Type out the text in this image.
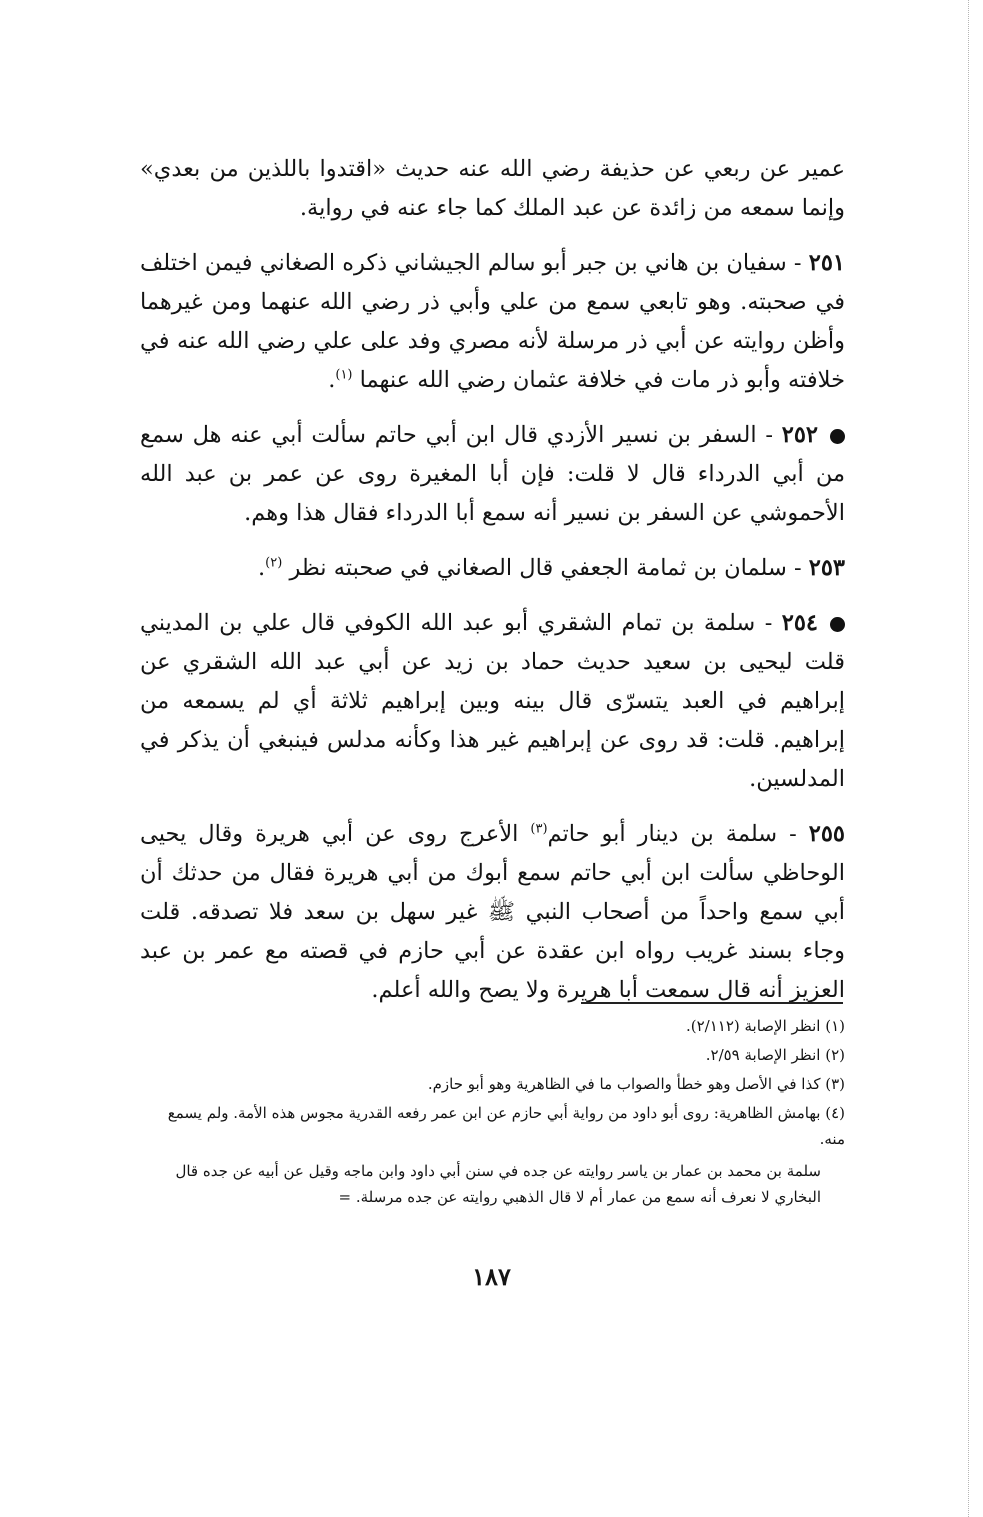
عمير عن ربعي عن حذيفة رضي الله عنه حديث «اقتدوا باللذين من بعدي» وإنما سمعه من زائدة عن عبد الملك كما جاء عنه في رواية.

٢٥١ - سفيان بن هاني بن جبر أبو سالم الجيشاني ذكره الصغاني فيمن اختلف في صحبته. وهو تابعي سمع من علي وأبي ذر رضي الله عنهما ومن غيرهما وأظن روايته عن أبي ذر مرسلة لأنه مصري وفد على علي رضي الله عنه في خلافته وأبو ذر مات في خلافة عثمان رضي الله عنهما $^{(١)}$.

٢٥٢ - السفر بن نسير الأزدي قال ابن أبي حاتم سألت أبي عنه هل سمع من أبي الدرداء قال لا قلت: فإن أبا المغيرة روى عن عمر بن عبد الله الأحموشي عن السفر بن نسير أنه سمع أبا الدرداء فقال هذا وهم.

٢٥٣ - سلمان بن ثمامة الجعفي قال الصغاني في صحبته نظر $^{(٢)}$.

٢٥٤ - سلمة بن تمام الشقري أبو عبد الله الكوفي قال علي بن المديني قلت ليحيى بن سعيد حديث حماد بن زيد عن أبي عبد الله الشقري عن إبراهيم في العبد يتسرّى قال بينه وبين إبراهيم ثلاثة أي لم يسمعه من إبراهيم. قلت: قد روى عن إبراهيم غير هذا وكأنه مدلس فينبغي أن يذكر في المدلسين.

٢٥٥ - سلمة بن دينار أبو حاتم$^{(٣)}$ الأعرج روى عن أبي هريرة وقال يحيى الوحاظي سألت ابن أبي حاتم سمع أبوك من أبي هريرة فقال من حدثك أن أبي سمع واحداً من أصحاب النبي ﷺ غير سهل بن سعد فلا تصدقه. قلت وجاء بسند غريب رواه ابن عقدة عن أبي حازم في قصته مع عمر بن عبد العزيز أنه قال سمعت أبا هريرة ولا يصح والله أعلم.

(١) انظر الإصابة (٢/١١٢).

(٢) انظر الإصابة ٢/٥٩.

(٣) كذا في الأصل وهو خطأ والصواب ما في الظاهرية وهو أبو حازم.

(٤) بهامش الظاهرية: روى أبو داود من رواية أبي حازم عن ابن عمر رفعه القدرية مجوس هذه الأمة. ولم يسمع منه.

سلمة بن محمد بن عمار بن ياسر روايته عن جده في سنن أبي داود وابن ماجه وقيل عن أبيه عن جده قال البخاري لا نعرف أنه سمع من عمار أم لا قال الذهبي روايته عن جده مرسلة. =

١٨٧
